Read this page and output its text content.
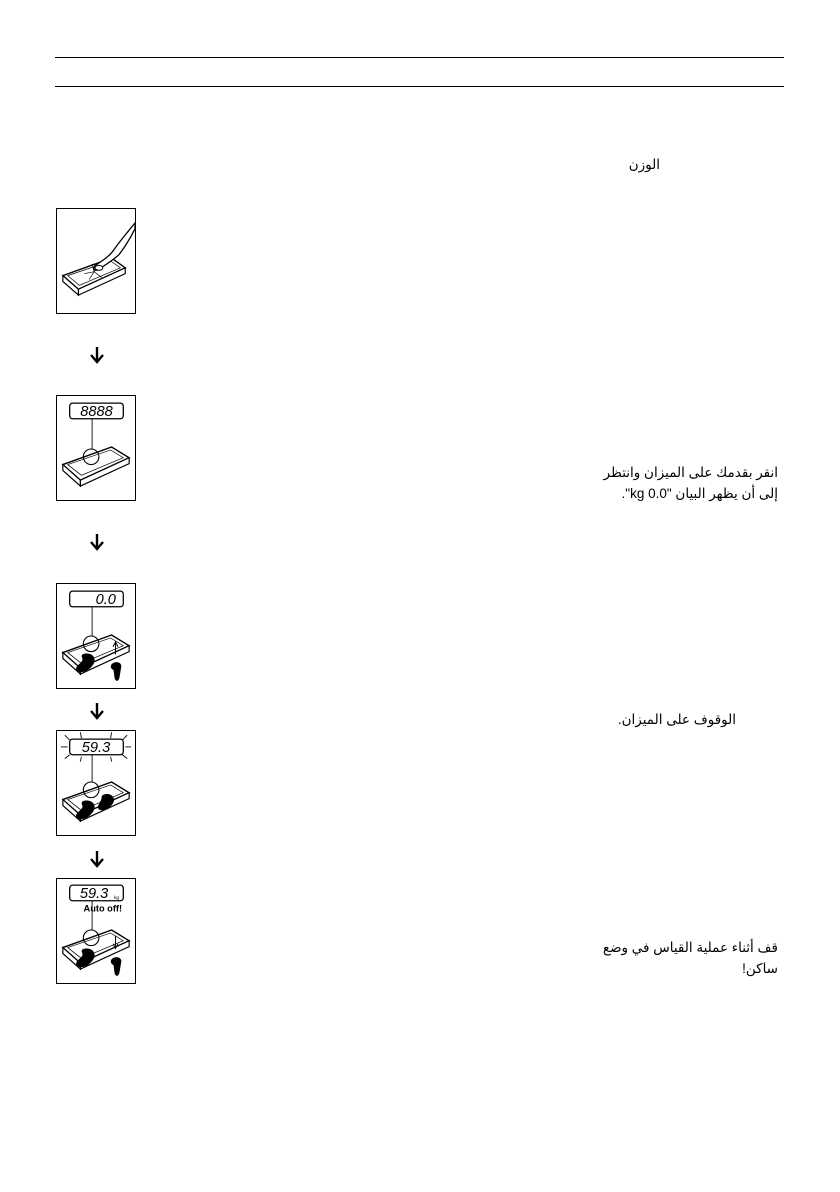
الوزن
انقر بقدمك على الميزان وانتظر إلى أن يظهر البيان "0.0 kg".
الوقوف على الميزان.
قف أثناء عملية القياس في وضع ساكن!
8888
0.0
59.3
59.3 kg
Auto off!
